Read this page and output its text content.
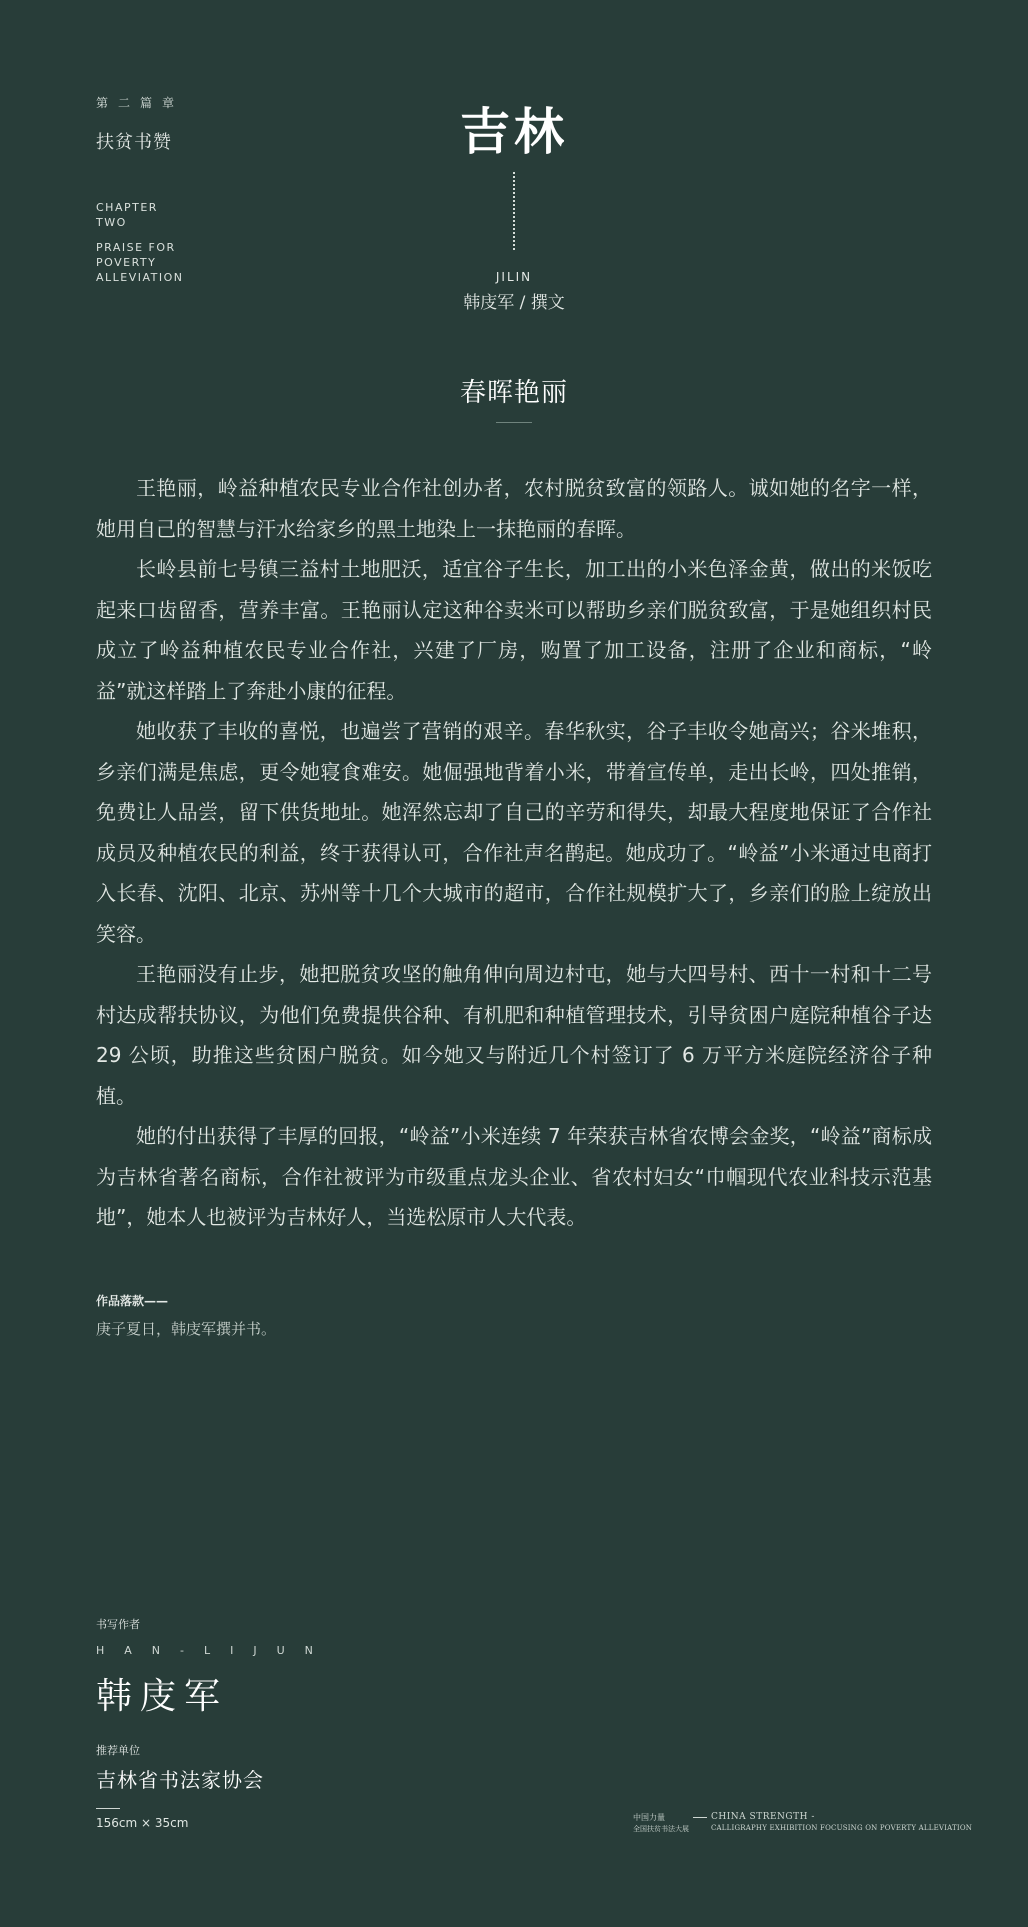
第二篇章
扶贫书赞
CHAPTER
TWO
PRAISE FOR
POVERTY
ALLEVIATION
吉林
JILIN
韩庋军 / 撰文
春晖艳丽

王艳丽，岭益种植农民专业合作社创办者，农村脱贫致富的领路人。诚如她的名字一样，她用自己的智慧与汗水给家乡的黑土地染上一抹艳丽的春晖。

长岭县前七号镇三益村土地肥沃，适宜谷子生长，加工出的小米色泽金黄，做出的米饭吃起来口齿留香，营养丰富。王艳丽认定这种谷卖米可以帮助乡亲们脱贫致富，于是她组织村民成立了岭益种植农民专业合作社，兴建了厂房，购置了加工设备，注册了企业和商标，“岭益”就这样踏上了奔赴小康的征程。

她收获了丰收的喜悦，也遍尝了营销的艰辛。春华秋实，谷子丰收令她高兴；谷米堆积，乡亲们满是焦虑，更令她寝食难安。她倔强地背着小米，带着宣传单，走出长岭，四处推销，免费让人品尝，留下供货地址。她浑然忘却了自己的辛劳和得失，却最大程度地保证了合作社成员及种植农民的利益，终于获得认可，合作社声名鹊起。她成功了。“岭益”小米通过电商打入长春、沈阳、北京、苏州等十几个大城市的超市，合作社规模扩大了，乡亲们的脸上绽放出笑容。

王艳丽没有止步，她把脱贫攻坚的触角伸向周边村屯，她与大四号村、西十一村和十二号村达成帮扶协议，为他们免费提供谷种、有机肥和种植管理技术，引导贫困户庭院种植谷子达 29 公顷，助推这些贫困户脱贫。如今她又与附近几个村签订了 6 万平方米庭院经济谷子种植。

她的付出获得了丰厚的回报，“岭益”小米连续 7 年荣获吉林省农博会金奖，“岭益”商标成为吉林省著名商标，合作社被评为市级重点龙头企业、省农村妇女“巾帼现代农业科技示范基地”，她本人也被评为吉林好人，当选松原市人大代表。

作品落款——
庚子夏日，韩庋军撰并书。
书写作者
HAN-LIJUN
韩庋军
推荐单位
吉林省书法家协会
156cm × 35cm	中国力量
全国扶贫书法大展
CHINA STRENGTH -
CALLIGRAPHY EXHIBITION FOCUSING ON POVERTY ALLEVIATION
